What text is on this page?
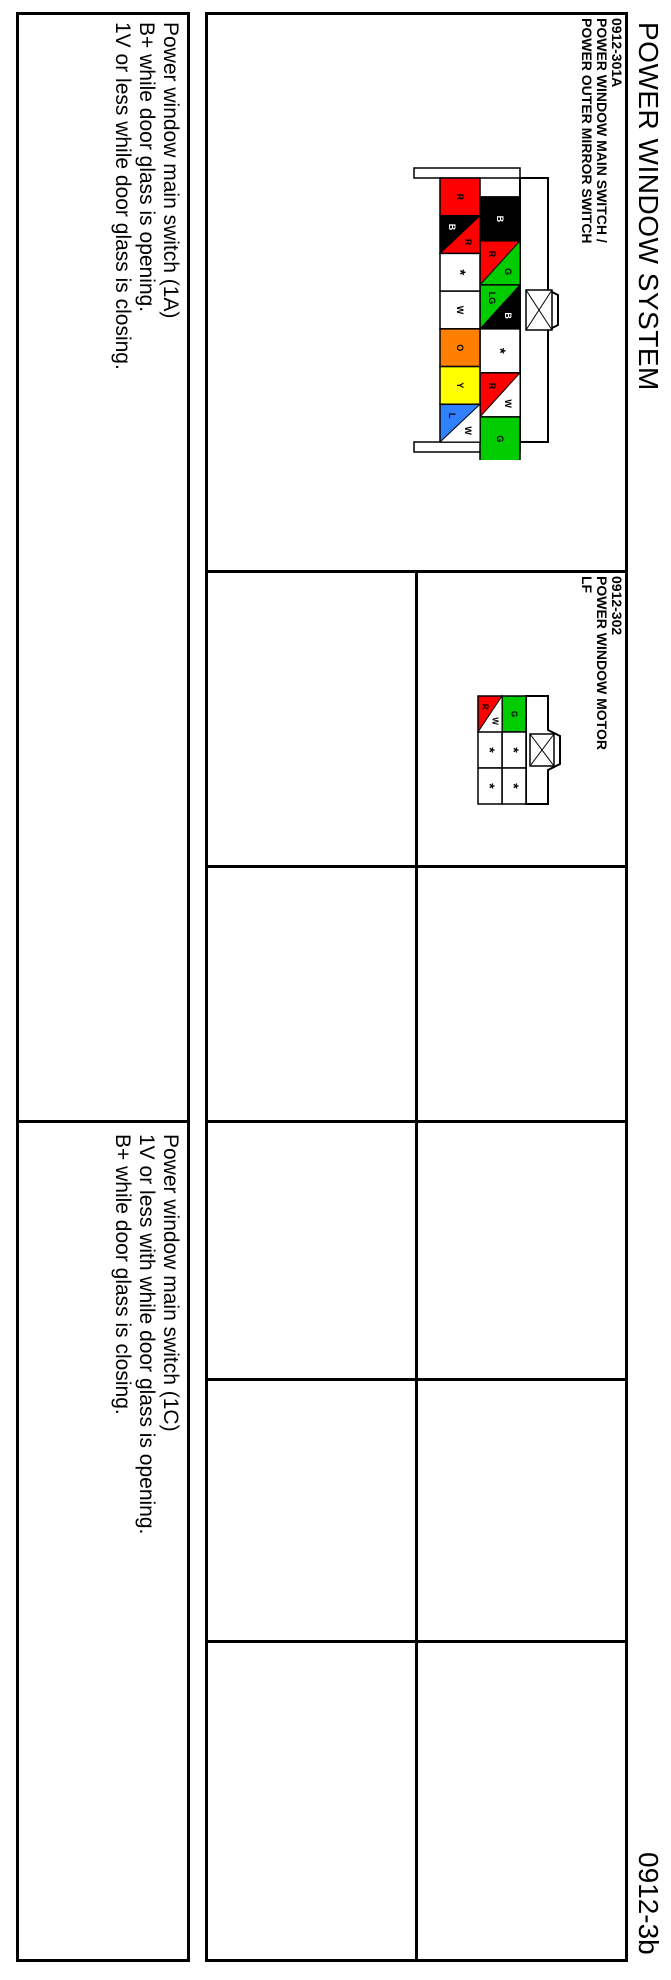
POWER WINDOW SYSTEM
0912-3b
0912-301A
POWER WINDOW MAIN SWITCH /
POWER OUTER MIRROR SWITCH
0912-302
POWER WINDOW MOTOR
LF
B
R
G
LG
B
*
R
W
G
R
B
R
*
W
O
Y
L
W
G
*
*
R
W
*
*
Power window main switch (1A)
B+ while door glass is opening.
1V or less while door glass is closing.
Power window main switch (1C)
1V or less with while door glass is opening.
B+ while door glass is closing.
